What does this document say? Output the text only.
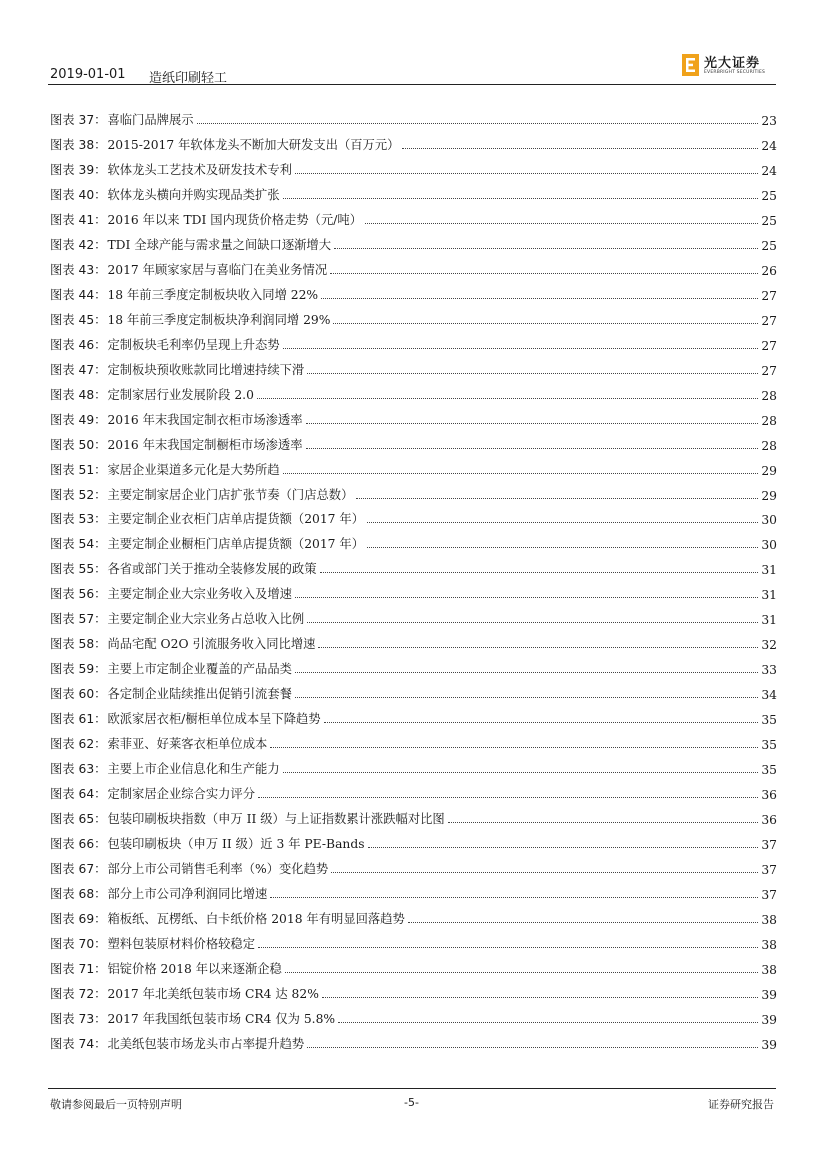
2019-01-01 造纸印刷轻工
光大证券
EVERBRIGHT SECURITIES
图表 37： 喜临门品牌展示	23
图表 38： 2015-2017 年软体龙头不断加大研发支出（百万元）	24
图表 39： 软体龙头工艺技术及研发技术专利	24
图表 40： 软体龙头横向并购实现品类扩张	25
图表 41： 2016 年以来 TDI 国内现货价格走势（元/吨）	25
图表 42： TDI 全球产能与需求量之间缺口逐渐增大	25
图表 43： 2017 年顾家家居与喜临门在美业务情况	26
图表 44： 18 年前三季度定制板块收入同增 22%	27
图表 45： 18 年前三季度定制板块净利润同增 29%	27
图表 46： 定制板块毛利率仍呈现上升态势	27
图表 47： 定制板块预收账款同比增速持续下滑	27
图表 48： 定制家居行业发展阶段 2.0	28
图表 49： 2016 年末我国定制衣柜市场渗透率	28
图表 50： 2016 年末我国定制橱柜市场渗透率	28
图表 51： 家居企业渠道多元化是大势所趋	29
图表 52： 主要定制家居企业门店扩张节奏（门店总数）	29
图表 53： 主要定制企业衣柜门店单店提货额（2017 年）	30
图表 54： 主要定制企业橱柜门店单店提货额（2017 年）	30
图表 55： 各省或部门关于推动全装修发展的政策	31
图表 56： 主要定制企业大宗业务收入及增速	31
图表 57： 主要定制企业大宗业务占总收入比例	31
图表 58： 尚品宅配 O2O 引流服务收入同比增速	32
图表 59： 主要上市定制企业覆盖的产品品类	33
图表 60： 各定制企业陆续推出促销引流套餐	34
图表 61： 欧派家居衣柜/橱柜单位成本呈下降趋势	35
图表 62： 索菲亚、好莱客衣柜单位成本	35
图表 63： 主要上市企业信息化和生产能力	35
图表 64： 定制家居企业综合实力评分	36
图表 65： 包装印刷板块指数（申万 II 级）与上证指数累计涨跌幅对比图	36
图表 66： 包装印刷板块（申万 II 级）近 3 年 PE-Bands	37
图表 67： 部分上市公司销售毛利率（%）变化趋势	37
图表 68： 部分上市公司净利润同比增速	37
图表 69： 箱板纸、瓦楞纸、白卡纸价格 2018 年有明显回落趋势	38
图表 70： 塑料包装原材料价格较稳定	38
图表 71： 铝锭价格 2018 年以来逐渐企稳	38
图表 72： 2017 年北美纸包装市场 CR4 达 82%	39
图表 73： 2017 年我国纸包装市场 CR4 仅为 5.8%	39
图表 74： 北美纸包装市场龙头市占率提升趋势	39
敬请参阅最后一页特别声明	-5-	证券研究报告
